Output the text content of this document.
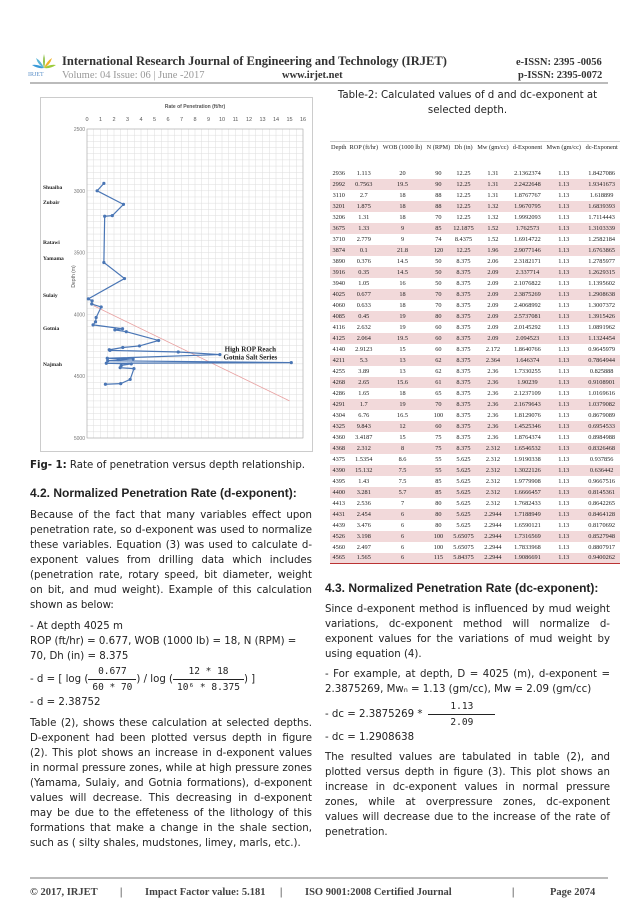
IRJET
International Research Journal of Engineering and Technology (IRJET)	e-ISSN: 2395 -0056
Volume: 04 Issue: 06 | June -2017	www.irjet.net	p-ISSN: 2395-0072
Rate of Penetration (ft/hr)
0 1 2 3 4 5 6 7 8 9 10 11 12 13 14 15 16
2500
3000
3500
4000
4500
5000
Depth (m)
Shuaiba
Zubair
Ratawi
Yamama
Sulaiy
Gotnia
Najmah
High ROP Reach
Gotnia Salt Series
Fig- 1: Rate of penetration versus depth relationship.
4.2. Normalized Penetration Rate (d-exponent):
Because of the fact that many variables effect upon penetration rate, so d-exponent was used to normalize these variables. Equation (3) was used to calculate d-exponent values from drilling data which includes (penetration rate, rotary speed, bit diameter, weight on bit, and mud weight). Example of this calculation shown as below:
- At depth 4025 m
ROP (ft/hr) = 0.677, WOB (1000 lb) = 18, N (RPM) = 70, Dh (in) = 8.375
- d = [ log ( $\frac{0.677}{60 * 70}$ ) / log ( $\frac{12 * 18}{\text{10⁶ * 8.375}}$ ) ]
- d = 2.38752
Table (2), shows these calculation at selected depths. D-exponent had been plotted versus depth in figure (2). This plot shows an increase in d-exponent values in normal pressure zones, while at high pressure zones (Yamama, Sulaiy, and Gotnia formations), d-exponent values will decrease. This decreasing in d-exponent may be due to the effeteness of the lithology of this formations that make a change in the shale section, such as ( silty shales, mudstones, limey, marls, etc.).
Table-2: Calculated values of d and dc-exponent at selected depth.
Depth	ROP (ft/hr)	WOB (1000 lb)	N (RPM)	Dh (in)	Mw (gm/cc)	d-Exponent	Mwn (gm/cc)	dc-Exponent
2936	1.113	20	90	12.25	1.31	2.1362374	1.13	1.8427086
2992	0.7563	19.5	90	12.25	1.31	2.2422648	1.13	1.9341673
3110	2.7	18	88	12.25	1.31	1.8767767	1.13	1.618899
3201	1.875	18	88	12.25	1.32	1.9670795	1.13	1.6839393
3206	1.31	18	70	12.25	1.32	1.9992093	1.13	1.7114443
3675	1.33	9	85	12.1875	1.52	1.762573	1.13	1.3103339
3710	2.779	9	74	8.4375	1.52	1.6914722	1.13	1.2582184
3874	0.1	21.8	120	12.25	1.96	2.9077146	1.13	1.6763865
3890	0.376	14.5	50	8.375	2.06	2.3182171	1.13	1.2785977
3916	0.35	14.5	50	8.375	2.09	2.337714	1.13	1.2629315
3940	1.05	16	50	8.375	2.09	2.1076822	1.13	1.1395602
4025	0.677	18	70	8.375	2.09	2.3875269	1.13	1.2908638
4060	0.633	18	70	8.375	2.09	2.4068992	1.13	1.3007372
4085	0.45	19	80	8.375	2.09	2.5737081	1.13	1.3915426
4116	2.632	19	60	8.375	2.09	2.0145292	1.13	1.0891962
4125	2.064	19.5	60	8.375	2.09	2.094523	1.13	1.1324454
4140	2.9123	15	60	8.375	2.172	1.8640766	1.13	0.9645979
4211	5.3	13	62	8.375	2.364	1.646374	1.13	0.7864944
4255	3.89	13	62	8.375	2.36	1.7330255	1.13	0.825888
4268	2.65	15.6	61	8.375	2.36	1.90239	1.13	0.9108901
4286	1.65	18	65	8.375	2.36	2.1237109	1.13	1.0169616
4291	1.7	19	70	8.375	2.36	2.1679643	1.13	1.0379082
4304	6.76	16.5	100	8.375	2.36	1.8129076	1.13	0.8679089
4325	9.843	12	60	8.375	2.36	1.4525346	1.13	0.6954533
4360	3.4187	15	75	8.375	2.36	1.8764374	1.13	0.8984988
4368	2.312	8	75	8.375	2.312	1.6546532	1.13	0.8326468
4375	1.5354	8.6	55	5.625	2.312	1.9190338	1.13	0.937856
4390	15.132	7.5	55	5.625	2.312	1.3022126	1.13	0.636442
4395	1.43	7.5	85	5.625	2.312	1.9779908	1.13	0.9667516
4400	3.281	5.7	85	5.625	2.312	1.6666457	1.13	0.8145361
4413	2.536	7	80	5.625	2.312	1.7682433	1.13	0.8642265
4431	2.454	6	80	5.625	2.2944	1.7188949	1.13	0.8464128
4439	3.476	6	80	5.625	2.2944	1.6590121	1.13	0.8170692
4526	3.198	6	100	5.65075	2.2944	1.7316569	1.13	0.8527948
4560	2.497	6	100	5.65075	2.2944	1.7833968	1.13	0.8807917
4565	1.565	6	115	5.84375	2.2944	1.9086691	1.13	0.9400262
4.3. Normalized Penetration Rate (dc-exponent):
Since d-exponent method is influenced by mud weight variations, dc-exponent method will normalize d-exponent values for the variations of mud weight by using equation (4).
- For example, at depth, D = 4025 (m), d-exponent = 2.3875269, Mwₙ = 1.13 (gm/cc), Mw = 2.09 (gm/cc)
- dc = $2.3875269 * \frac{1.13}{2.09}$
- dc = 1.2908638
The resulted values are tabulated in table (2), and plotted versus depth in figure (3). This plot shows an increase in dc-exponent values in normal pressure zones, while at overpressure zones, dc-exponent values will decrease due to the increase of the rate of penetration.
© 2017, IRJET | Impact Factor value: 5.181 | ISO 9001:2008 Certified Journal	|	Page 2074
